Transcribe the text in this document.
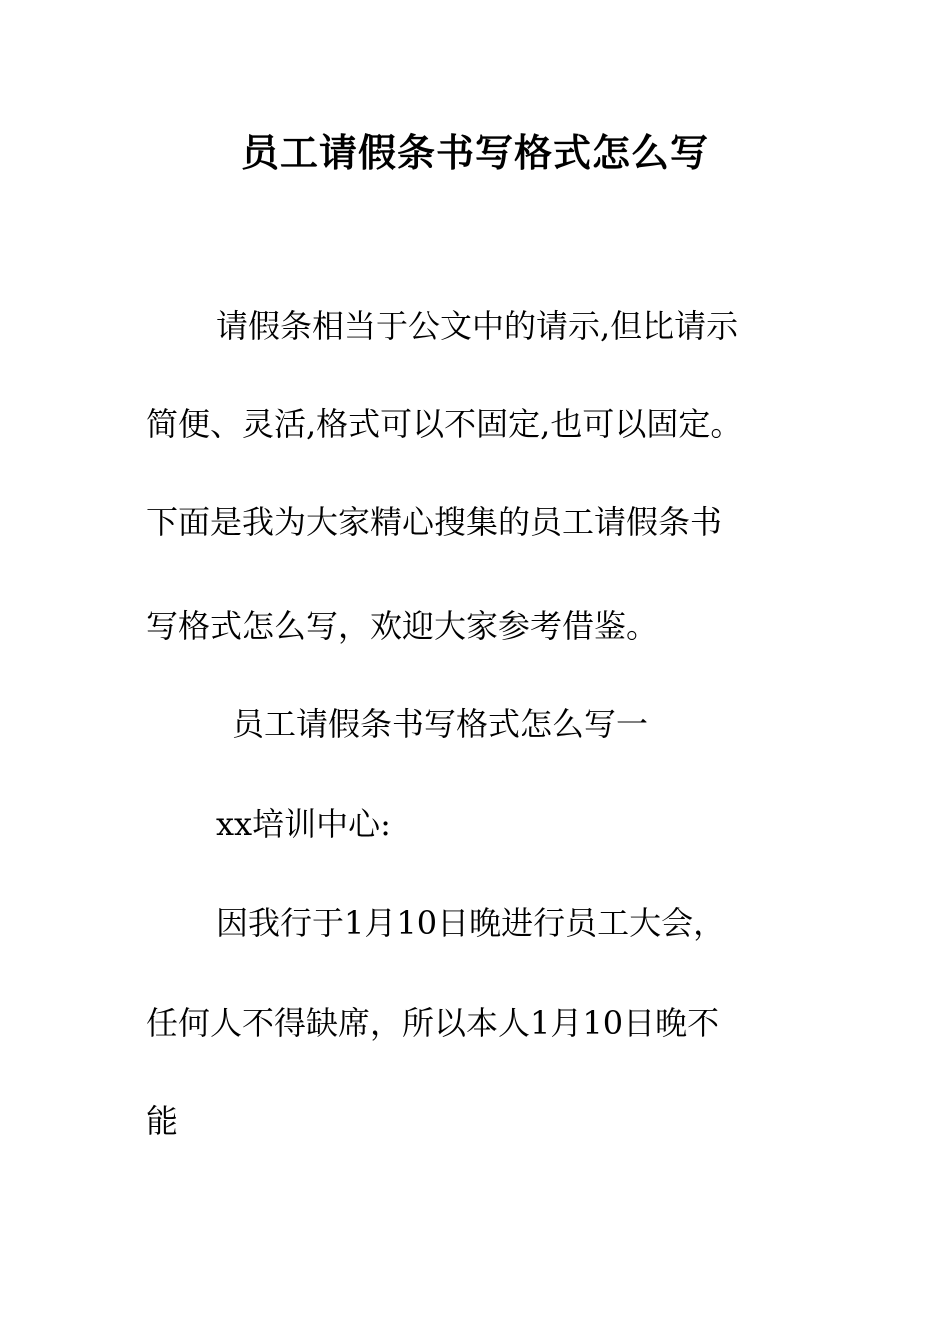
员工请假条书写格式怎么写
请假条相当于公文中的请示,但比请示
简便、灵活,格式可以不固定,也可以固定。
下面是我为大家精心搜集的员工请假条书
写格式怎么写，欢迎大家参考借鉴。
员工请假条书写格式怎么写一
xx培训中心:
因我行于1月10日晚进行员工大会，
任何人不得缺席，所以本人1月10日晚不
能
